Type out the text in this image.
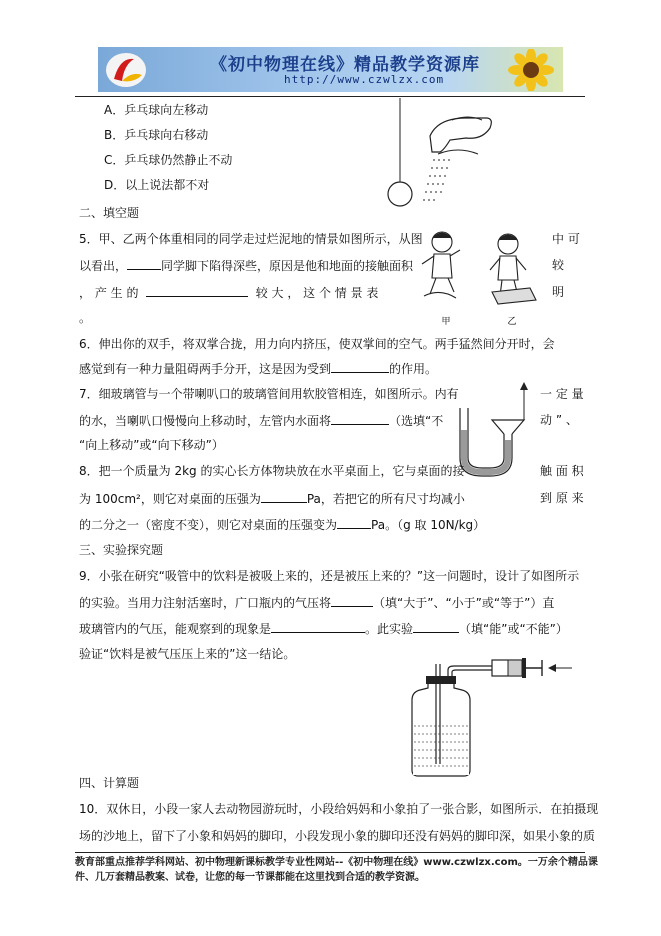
《初中物理在线》精品教学资源库
http://www.czwlzx.com
A．乒乓球向左移动
B．乒乓球向右移动
C．乒乓球仍然静止不动
D．以上说法都不对
二、填空题
5．甲、乙两个体重相同的同学走过烂泥地的情景如图所示，从图	中 可
以看出，	同学脚下陷得深些，原因是他和地面的接触面积	较
， 产 生 的	较 大 ， 这 个 情 景 表	明
。	甲	乙
6．伸出你的双手，将双掌合拢，用力向内挤压，使双掌间的空气。两手猛然间分开时，会
感觉到有一种力量阻碍两手分开，这是因为受到	的作用。
7．细玻璃管与一个带喇叭口的玻璃管间用软胶管相连，如图所示。内有	一 定 量
的水，当喇叭口慢慢向上移动时，左管内水面将	（选填“不	动 ” 、
“向上移动”或“向下移动”）
8．把一个质量为 2kg 的实心长方体物块放在水平桌面上，它与桌面的接	触 面 积
为 100cm²，则它对桌面的压强为	Pa，若把它的所有尺寸均减小	到 原 来
的二分之一（密度不变），则它对桌面的压强变为	Pa。（g 取 10N/kg）
三、实验探究题
9．小张在研究“吸管中的饮料是被吸上来的，还是被压上来的？”这一问题时，设计了如图所示
的实验。当用力注射活塞时，广口瓶内的气压将	（填“大于”、“小于”或“等于”）直
玻璃管内的气压，能观察到的现象是	。此实验	（填“能”或“不能”）
验证“饮料是被气压压上来的”这一结论。
四、计算题
10．双休日，小段一家人去动物园游玩时，小段给妈妈和小象拍了一张合影，如图所示．在拍摄现
场的沙地上，留下了小象和妈妈的脚印，小段发现小象的脚印还没有妈妈的脚印深，如果小象的质
教育部重点推荐学科网站、初中物理新课标教学专业性网站--《初中物理在线》www.czwlzx.com。一万余个精品课
件、几万套精品教案、试卷，让您的每一节课都能在这里找到合适的教学资源。
